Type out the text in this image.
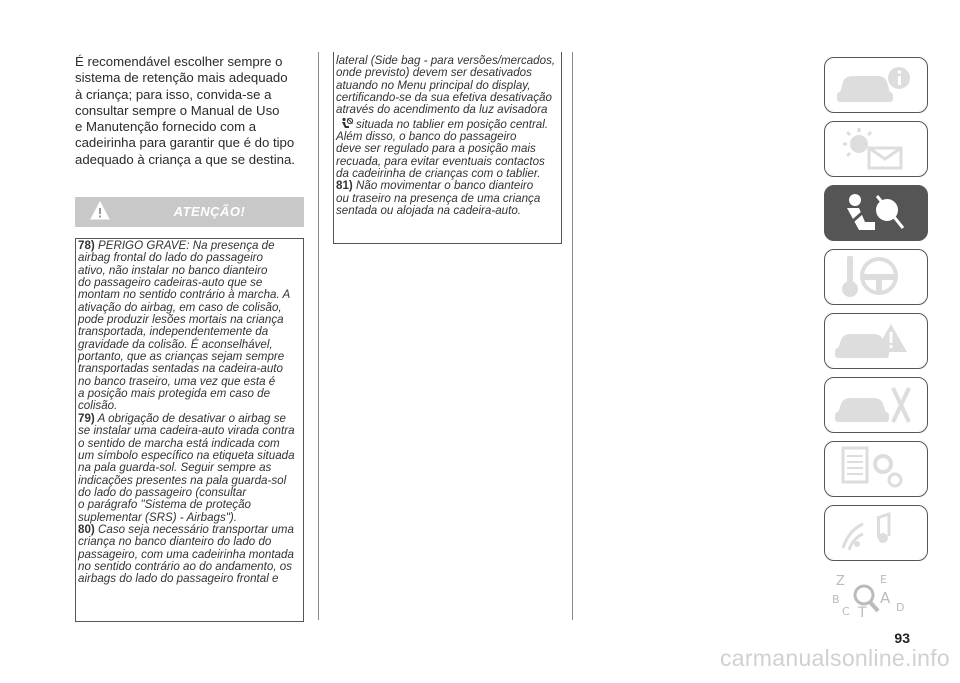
É recomendável escolher sempre o
sistema de retenção mais adequado
à criança; para isso, convida-se a
consultar sempre o Manual de Uso
e Manutenção fornecido com a
cadeirinha para garantir que é do tipo
adequado à criança a que se destina.
ATENÇÃO!
78) PERIGO GRAVE: Na presença de
airbag frontal do lado do passageiro
ativo, não instalar no banco dianteiro
do passageiro cadeiras-auto que se
montam no sentido contrário à marcha. A
ativação do airbag, em caso de colisão,
pode produzir lesões mortais na criança
transportada, independentemente da
gravidade da colisão. É aconselhável,
portanto, que as crianças sejam sempre
transportadas sentadas na cadeira-auto
no banco traseiro, uma vez que esta é
a posição mais protegida em caso de
colisão.
79) A obrigação de desativar o airbag se
se instalar uma cadeira-auto virada contra
o sentido de marcha está indicada com
um símbolo específico na etiqueta situada
na pala guarda-sol. Seguir sempre as
indicações presentes na pala guarda-sol
do lado do passageiro (consultar
o parágrafo "Sistema de proteção
suplementar (SRS) - Airbags").
80) Caso seja necessário transportar uma
criança no banco dianteiro do lado do
passageiro, com uma cadeirinha montada
no sentido contrário ao do andamento, os
airbags do lado do passageiro frontal e
lateral (Side bag - para versões/mercados,
onde previsto) devem ser desativados
atuando no Menu principal do display,
certificando-se da sua efetiva desativação
através do acendimento da luz avisadora
situada no tablier em posição central.
Além disso, o banco do passageiro
deve ser regulado para a posição mais
recuada, para evitar eventuais contactos
da cadeirinha de crianças com o tablier.
81) Não movimentar o banco dianteiro
ou traseiro na presença de uma criança
sentada ou alojada na cadeira-auto.
Z	E
B	A
C T	D
93
carmanualsonline.info
